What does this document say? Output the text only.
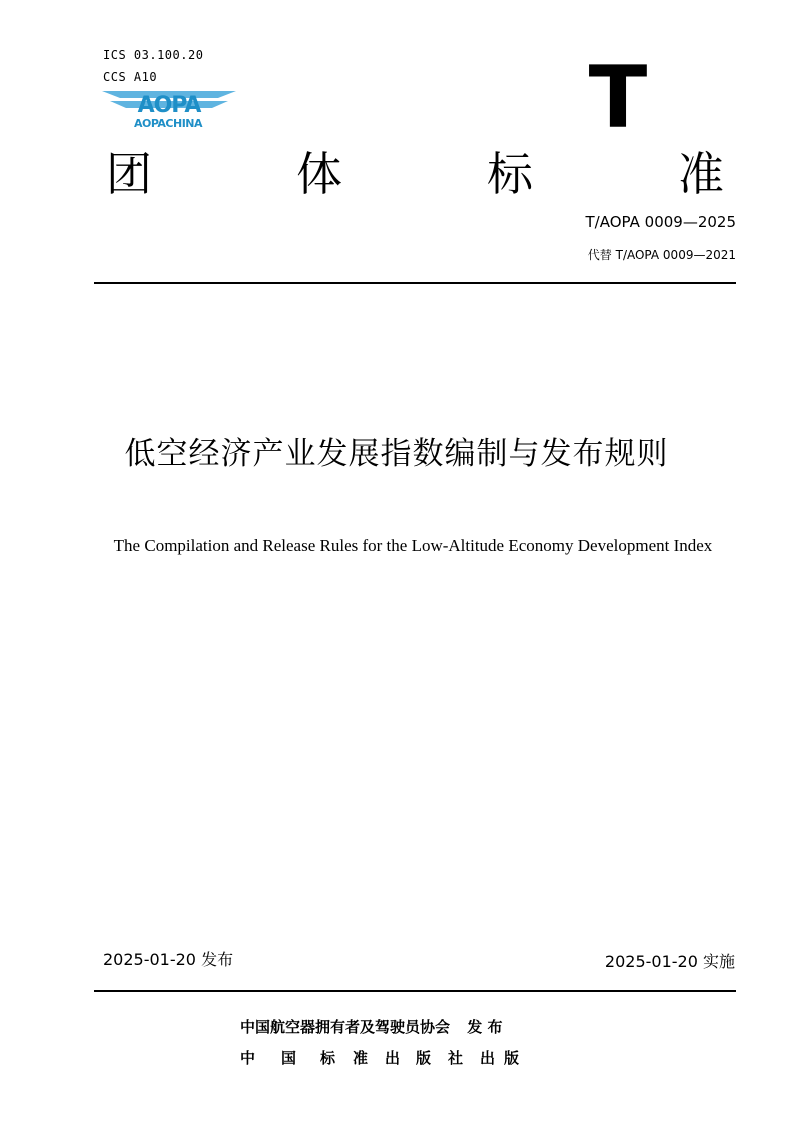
ICS 03.100.20
CCS A10
AOPA
AOPACHINA	T
团	体	标	准
T/AOPA 0009—2025
代替 T/AOPA 0009—2021
低空经济产业发展指数编制与发布规则
The Compilation and Release Rules for the Low-Altitude Economy Development Index
2025-01-20 发布	2025-01-20 实施
中国航空器拥有者及驾驶员协会 发 布
中 国 标 准 出 版 社 出 版
